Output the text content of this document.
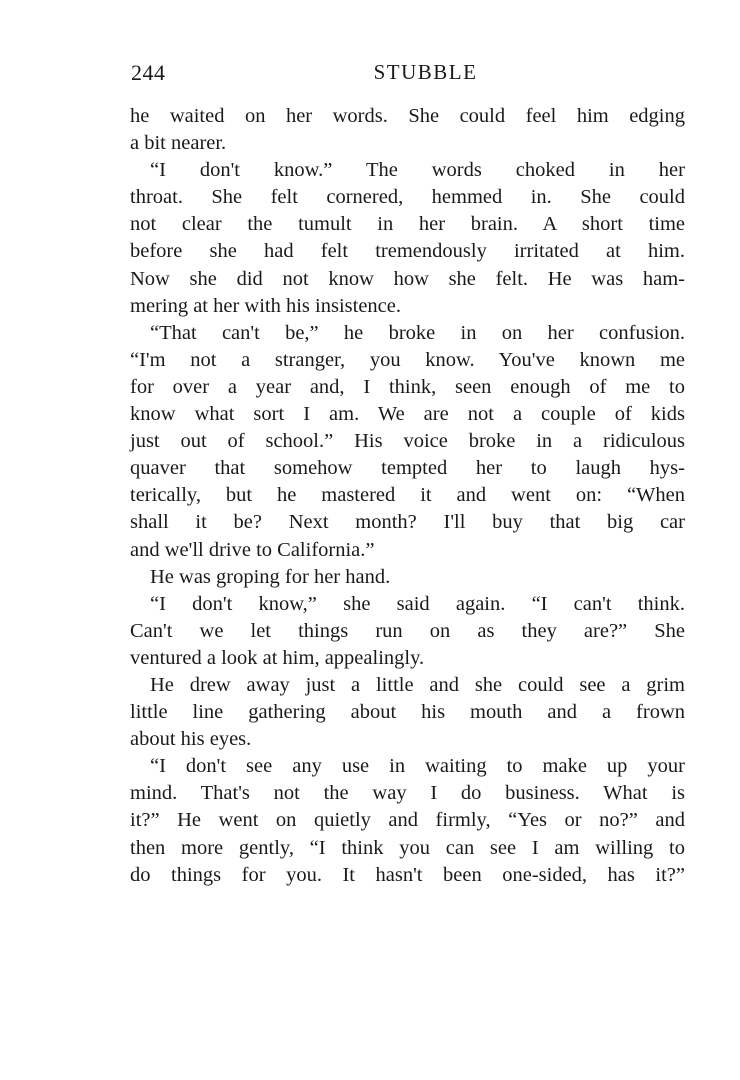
244	STUBBLE
he waited on her words. She could feel him edging
a bit nearer.
“I don't know.” The words choked in her
throat. She felt cornered, hemmed in. She could
not clear the tumult in her brain. A short time
before she had felt tremendously irritated at him.
Now she did not know how she felt. He was ham-
mering at her with his insistence.
“That can't be,” he broke in on her confusion.
“I'm not a stranger, you know. You've known me
for over a year and, I think, seen enough of me to
know what sort I am. We are not a couple of kids
just out of school.” His voice broke in a ridiculous
quaver that somehow tempted her to laugh hys-
terically, but he mastered it and went on: “When
shall it be? Next month? I'll buy that big car
and we'll drive to California.”
He was groping for her hand.
“I don't know,” she said again. “I can't think.
Can't we let things run on as they are?” She
ventured a look at him, appealingly.
He drew away just a little and she could see a grim
little line gathering about his mouth and a frown
about his eyes.
“I don't see any use in waiting to make up your
mind. That's not the way I do business. What is
it?” He went on quietly and firmly, “Yes or no?” and
then more gently, “I think you can see I am willing to
do things for you. It hasn't been one-sided, has it?”
